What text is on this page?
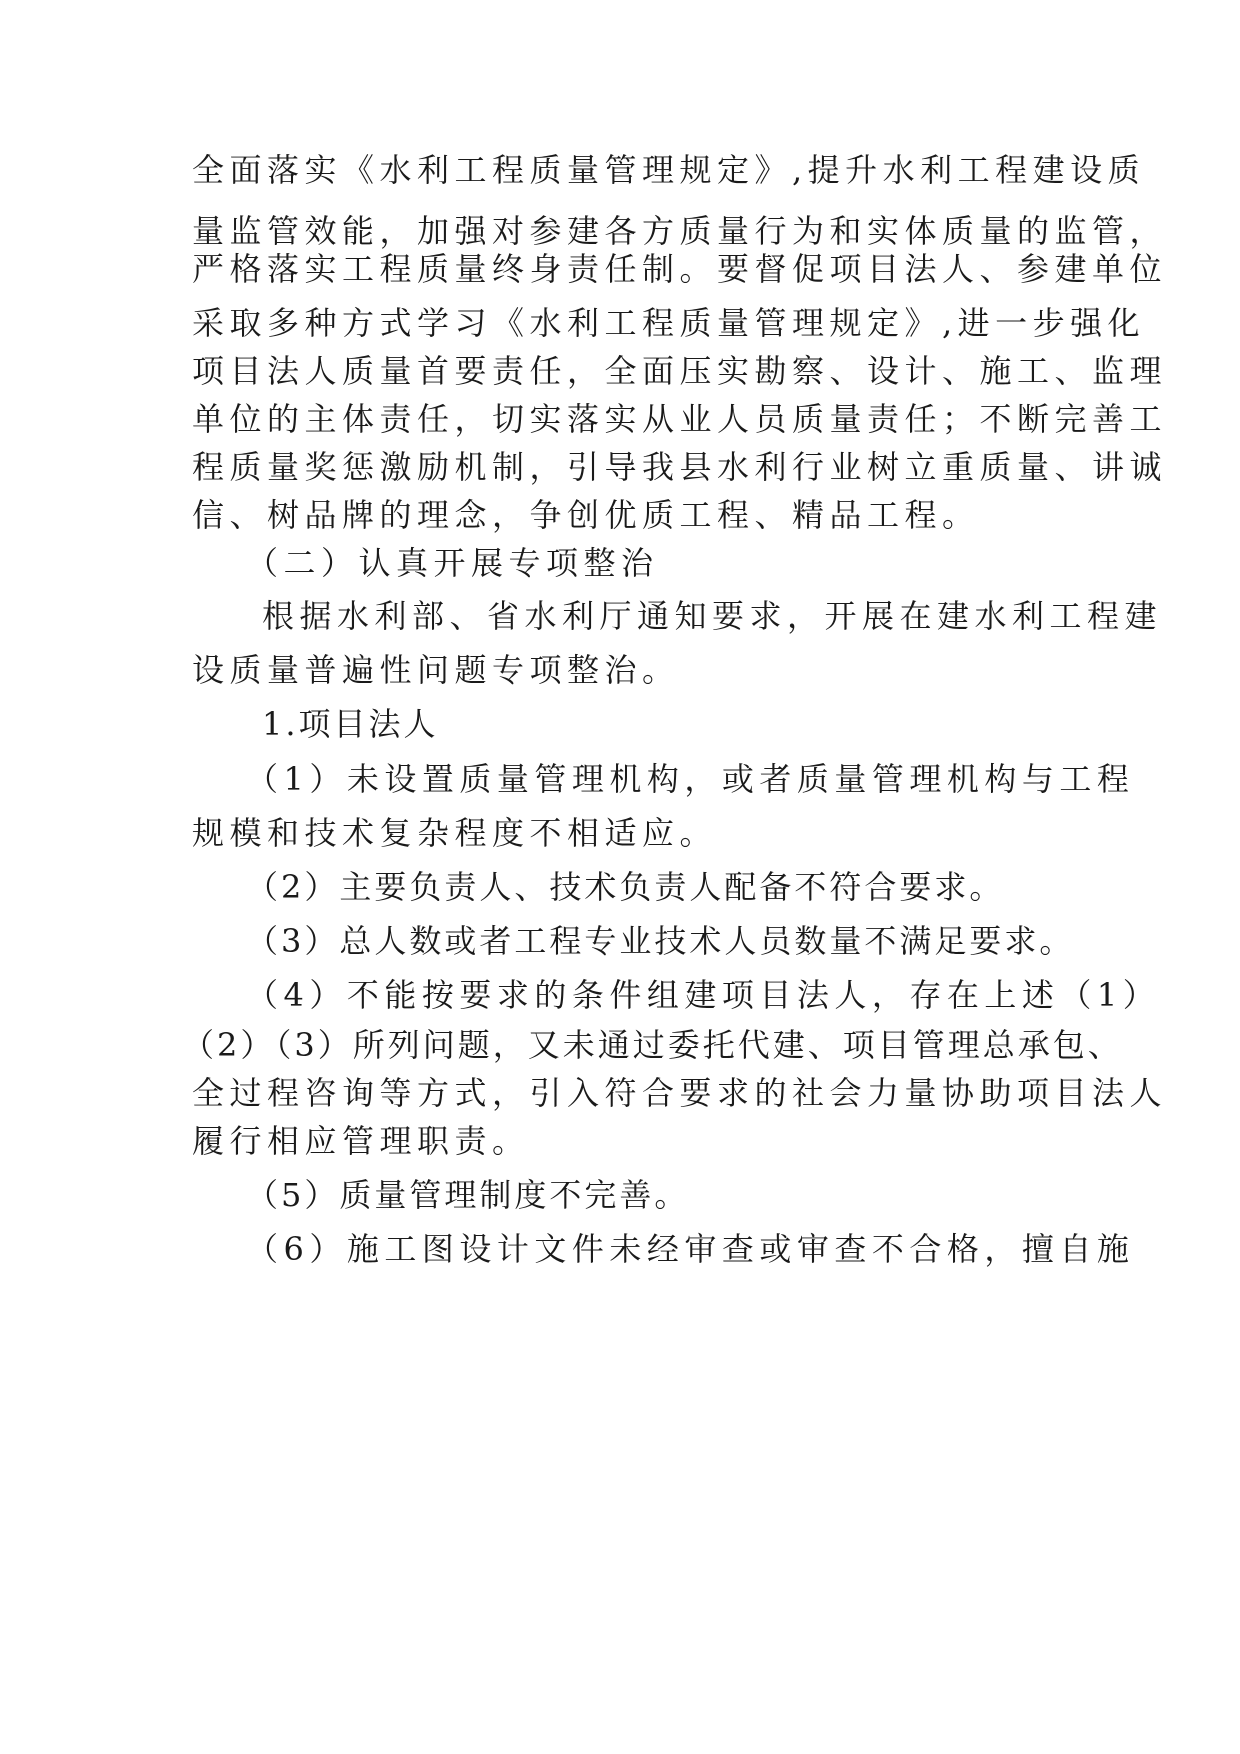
全面落实《水利工程质量管理规定》,提升水利工程建设质
量监管效能，加强对参建各方质量行为和实体质量的监管，
严格落实工程质量终身责任制。要督促项目法人、参建单位
采取多种方式学习《水利工程质量管理规定》,进一步强化
项目法人质量首要责任，全面压实勘察、设计、施工、监理
单位的主体责任，切实落实从业人员质量责任；不断完善工
程质量奖惩激励机制，引导我县水利行业树立重质量、讲诚
信、树品牌的理念，争创优质工程、精品工程。
（二）认真开展专项整治
根据水利部、省水利厅通知要求，开展在建水利工程建
设质量普遍性问题专项整治。
1.项目法人
（1）未设置质量管理机构，或者质量管理机构与工程
规模和技术复杂程度不相适应。
（2）主要负责人、技术负责人配备不符合要求。
（3）总人数或者工程专业技术人员数量不满足要求。
（4）不能按要求的条件组建项目法人，存在上述（1）
（2）（3）所列问题，又未通过委托代建、项目管理总承包、
全过程咨询等方式，引入符合要求的社会力量协助项目法人
履行相应管理职责。
（5）质量管理制度不完善。
（6）施工图设计文件未经审查或审查不合格，擅自施
